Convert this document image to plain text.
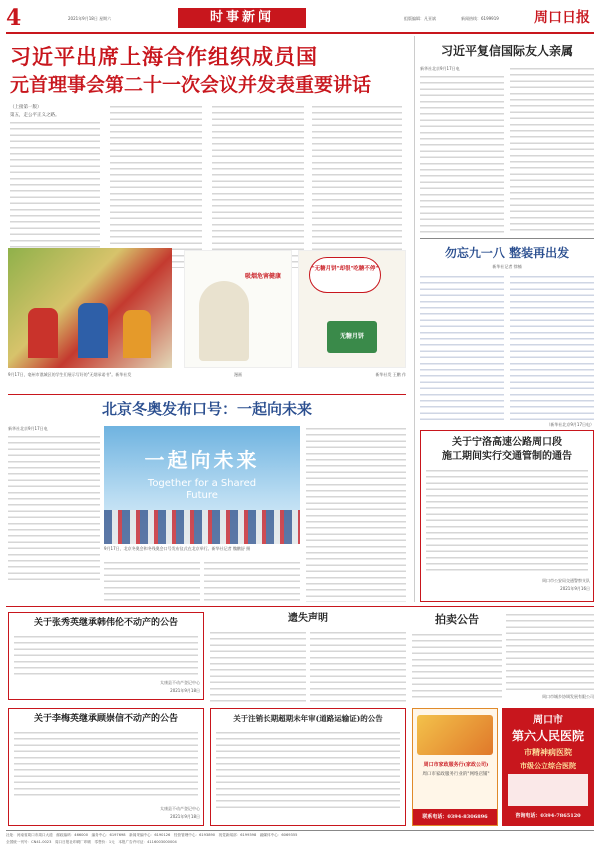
4	2021年9月18日 星期六	时事新闻	组版编辑：凡亚斌	新闻热线：6199919	周口日报
习近平出席上海合作组织成员国
元首理事会第二十一次会议并发表重要讲话
（上接第一版）
第五，走公平正义之路。
9月17日，亳州市谯城区的学生们展示写好的"无烟承诺书"。新华社发
吸烟危害健康
漫画
"无糖月饼"却很"吃糖不停"
无糖月饼
新华社发 王鹏 作
北京冬奥发布口号：一起向未来
新华社北京9月17日电
一起向未来
Together for a Shared
Future
9月17日，北京冬奥会和冬残奥会口号发布仪式在北京举行。新华社记者 魏鹏舒 摄
习近平复信国际友人亲属
新华社北京9月17日电
勿忘九一八 整装再出发
新华社记者 徐楠
（新华社北京9月17日电）
关于宁洛高速公路周口段
施工期间实行交通管制的通告
周口市公安局交通警察支队
2021年9月16日
关于张秀英继承韩伟伦不动产的公告
太康县不动产登记中心
2021年9月18日
关于李梅英继承顾崇信不动产的公告
太康县不动产登记中心
2021年9月18日
遗失声明
关于注销长期超期未年审(道路运输证)的公告
拍卖公告
周口市城乡协调发展有限公司
周口市家政服务行(家政公司)
周口市家政服务行业的"网络店铺"
联系电话：0394-8306896
周口市
第六人民医院
市精神病医院
市级公立综合医院
咨询电话：0394-7865120
社址：河南省周口市周口大道　邮政编码：466000　编务中心：6197698　新闻采编中心：6190126　经营管理中心：6193890　视觉新闻部：6199398　融媒体中心：6069355
全国统一刊号：CN41-0023　周口日报社印刷厂印刷　零售价：1元　本报广告许可证：4116003000004
